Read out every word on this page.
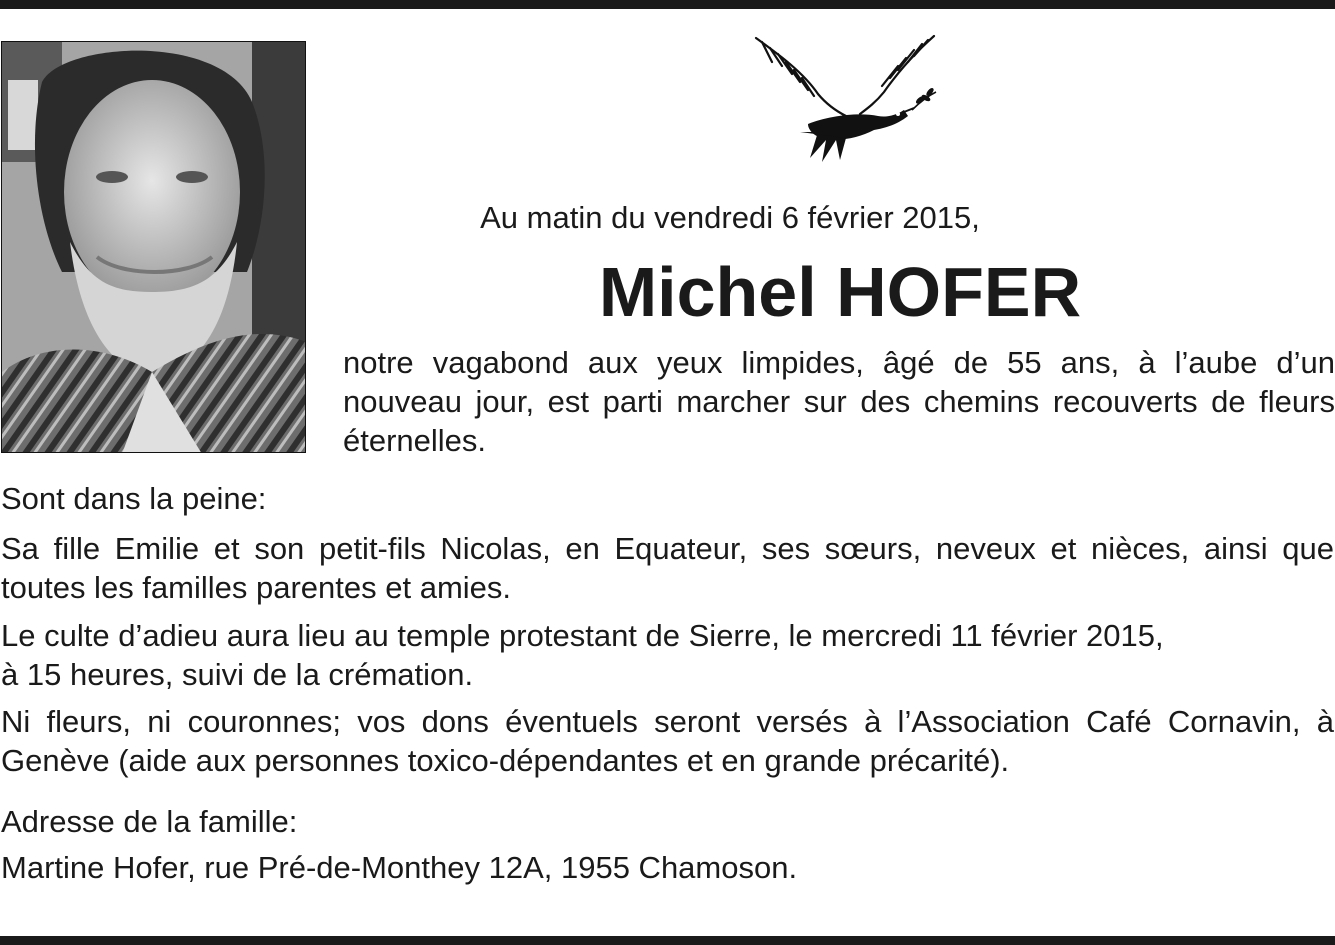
Au matin du vendredi 6 février 2015,

Michel HOFER

notre vagabond aux yeux limpides, âgé de 55 ans, à l’aube d’un nouveau jour, est parti marcher sur des chemins recouverts de fleurs éternelles.

Sont dans la peine:

Sa fille Emilie et son petit-fils Nicolas, en Equateur, ses sœurs, neveux et nièces, ainsi que toutes les familles parentes et amies.

Le culte d’adieu aura lieu au temple protestant de Sierre, le mercredi 11 février 2015,
à 15 heures, suivi de la crémation.

Ni fleurs, ni couronnes; vos dons éventuels seront versés à l’Association Café Cornavin, à Genève (aide aux personnes toxico-dépendantes et en grande précarité).

Adresse de la famille:

Martine Hofer, rue Pré-de-Monthey 12A, 1955 Chamoson.
